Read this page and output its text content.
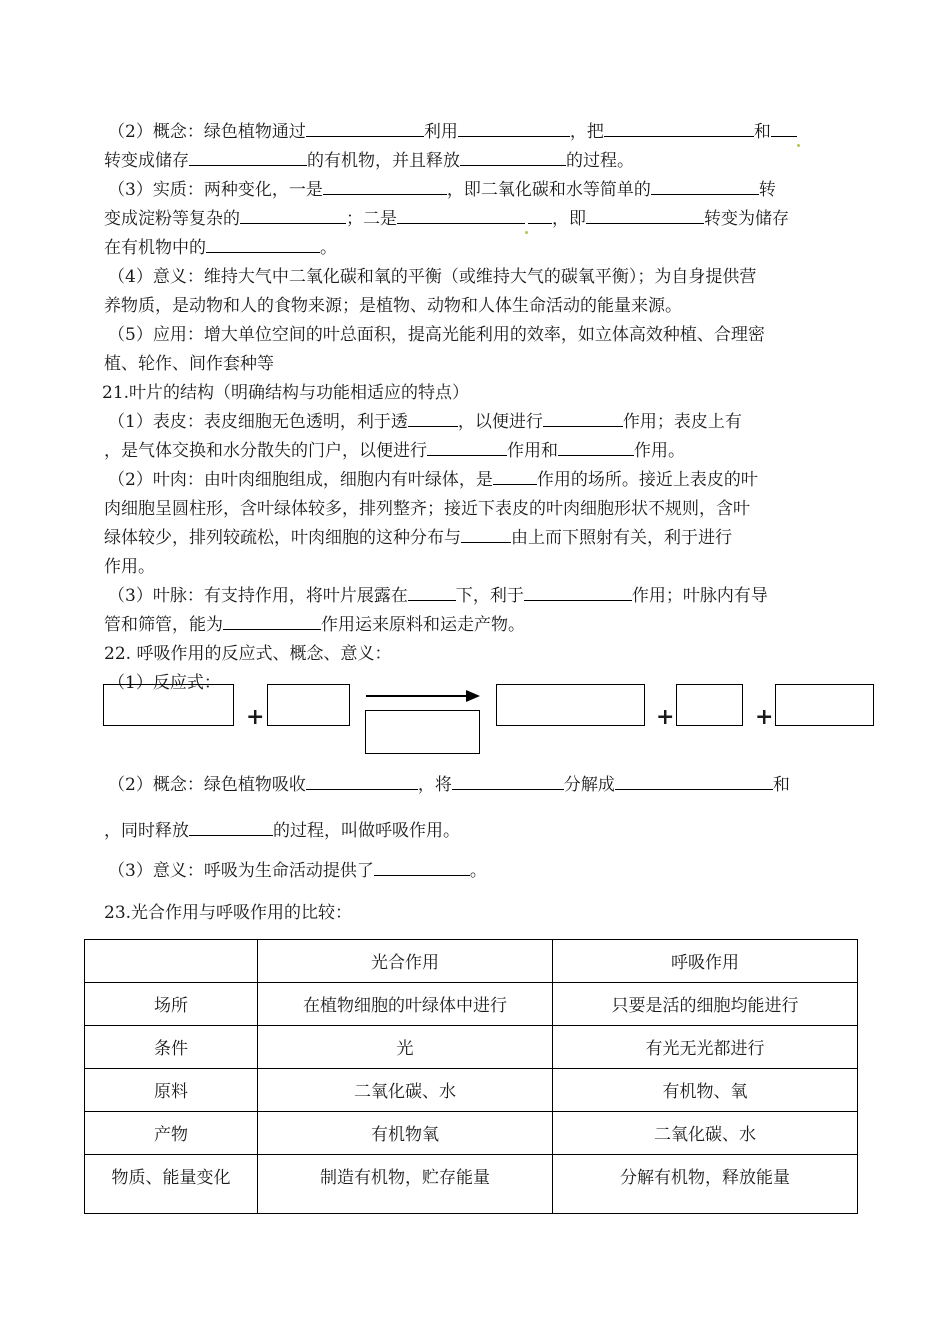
（2）概念：绿色植物通过	利用	，把	和
转变成储存	的有机物，并且释放	的过程。
（3）实质：两种变化，一是	，即二氧化碳和水等简单的	转
变成淀粉等复杂的	；二是	，即	转变为储存
在有机物中的	。
（4）意义：维持大气中二氧化碳和氧的平衡（或维持大气的碳氧平衡）；为自身提供营
养物质，是动物和人的食物来源；是植物、动物和人体生命活动的能量来源。
（5）应用：增大单位空间的叶总面积，提高光能利用的效率，如立体高效种植、合理密
植、轮作、间作套种等
21.叶片的结构（明确结构与功能相适应的特点）
（1）表皮：表皮细胞无色透明，利于透	，以便进行	作用；表皮上有
，是气体交换和水分散失的门户，以便进行	作用和	作用。
（2）叶肉：由叶肉细胞组成，细胞内有叶绿体，是	作用的场所。接近上表皮的叶
肉细胞呈圆柱形，含叶绿体较多，排列整齐；接近下表皮的叶肉细胞形状不规则，含叶
绿体较少，排列较疏松，叶肉细胞的这种分布与	由上而下照射有关，利于进行
作用。
（3）叶脉：有支持作用，将叶片展露在	下，利于	作用；叶脉内有导
管和筛管，能为	作用运来原料和运走产物。
22. 呼吸作用的反应式、概念、意义：
（1）反应式：
+	+	+
（2）概念：绿色植物吸收	，将	分解成	和
，同时释放	的过程，叫做呼吸作用。
（3）意义：呼吸为生命活动提供了	。
23.光合作用与呼吸作用的比较：
	光合作用	呼吸作用
场所	在植物细胞的叶绿体中进行	只要是活的细胞均能进行
条件	光	有光无光都进行
原料	二氧化碳、水	有机物、氧
产物	有机物氧	二氧化碳、水
物质、能量变化	制造有机物，贮存能量	分解有机物，释放能量
